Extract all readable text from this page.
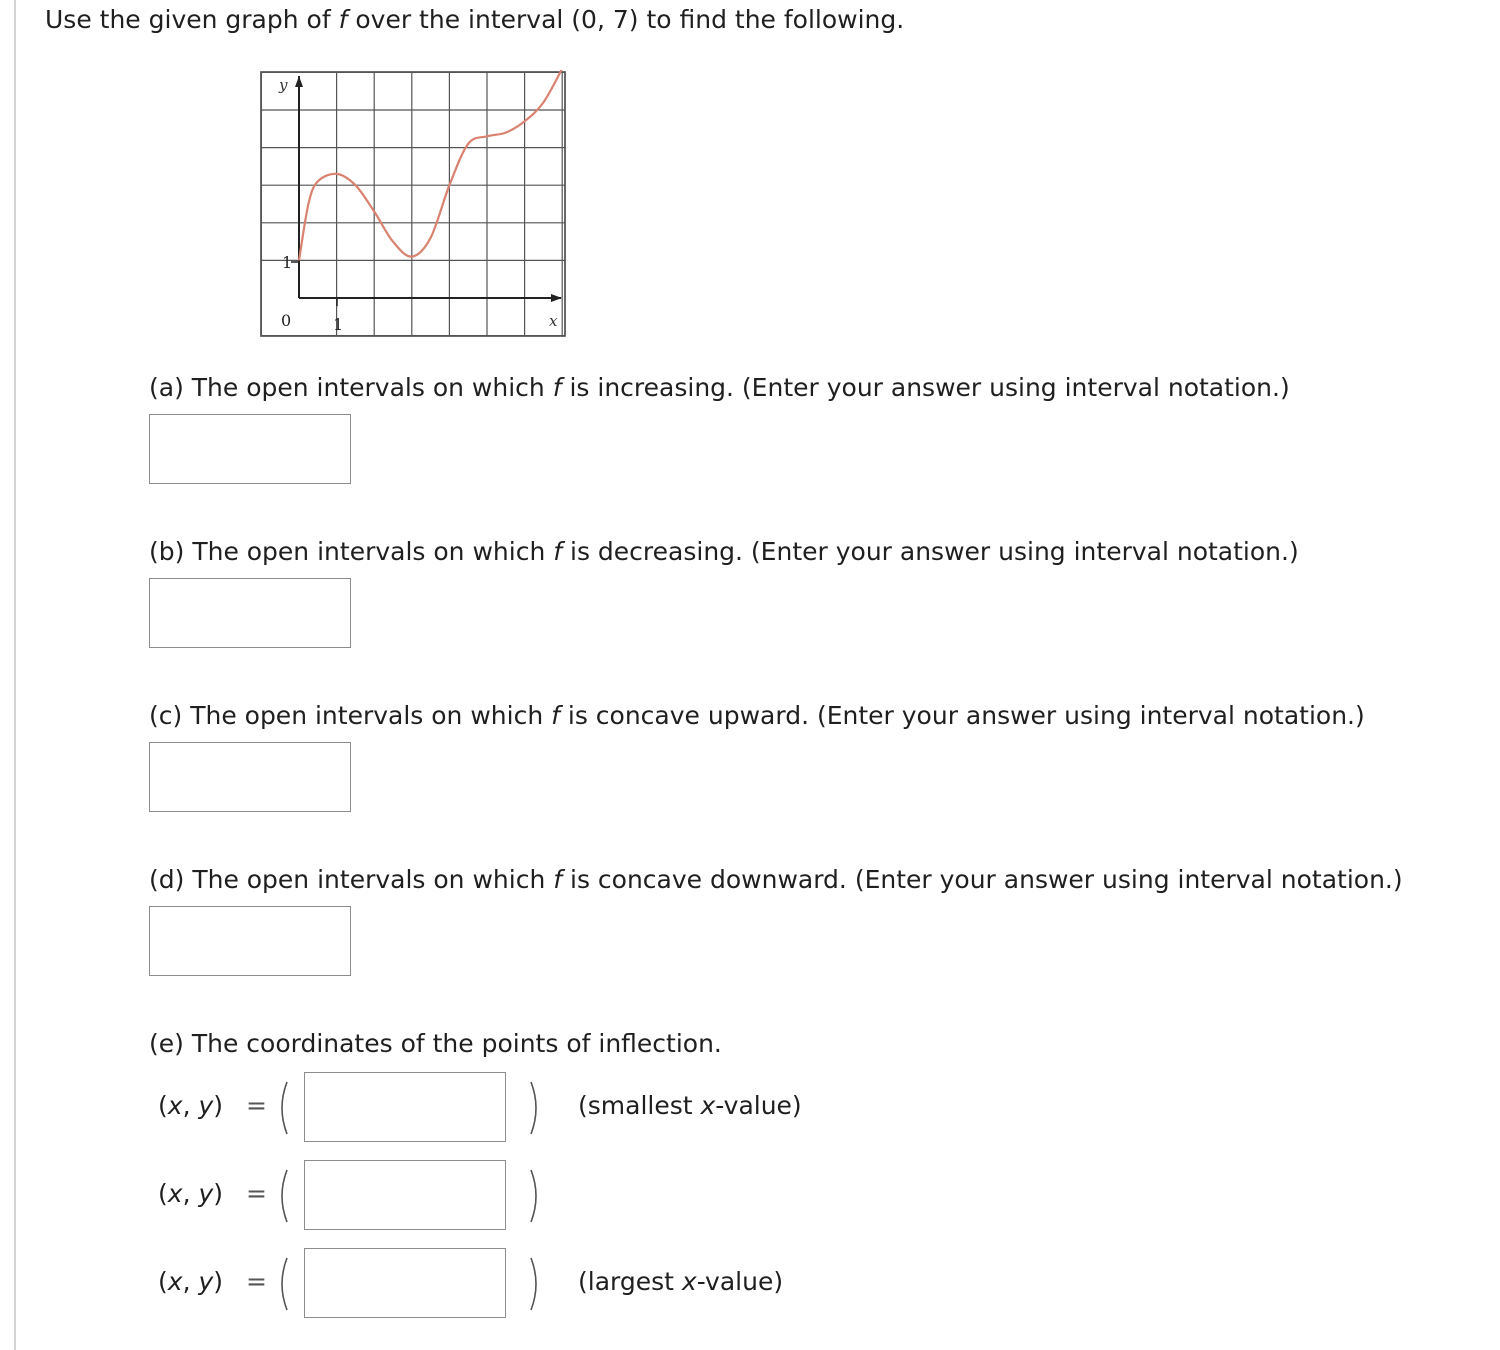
Use the given graph of f over the interval (0, 7) to find the following.
y
x
0	1
1
(a) The open intervals on which f is increasing. (Enter your answer using interval notation.)
(b) The open intervals on which f is decreasing. (Enter your answer using interval notation.)
(c) The open intervals on which f is concave upward. (Enter your answer using interval notation.)
(d) The open intervals on which f is concave downward. (Enter your answer using interval notation.)
(e) The coordinates of the points of inflection.
(x, y) =	(smallest x-value)
(x, y) =
(x, y) =	(largest x-value)
